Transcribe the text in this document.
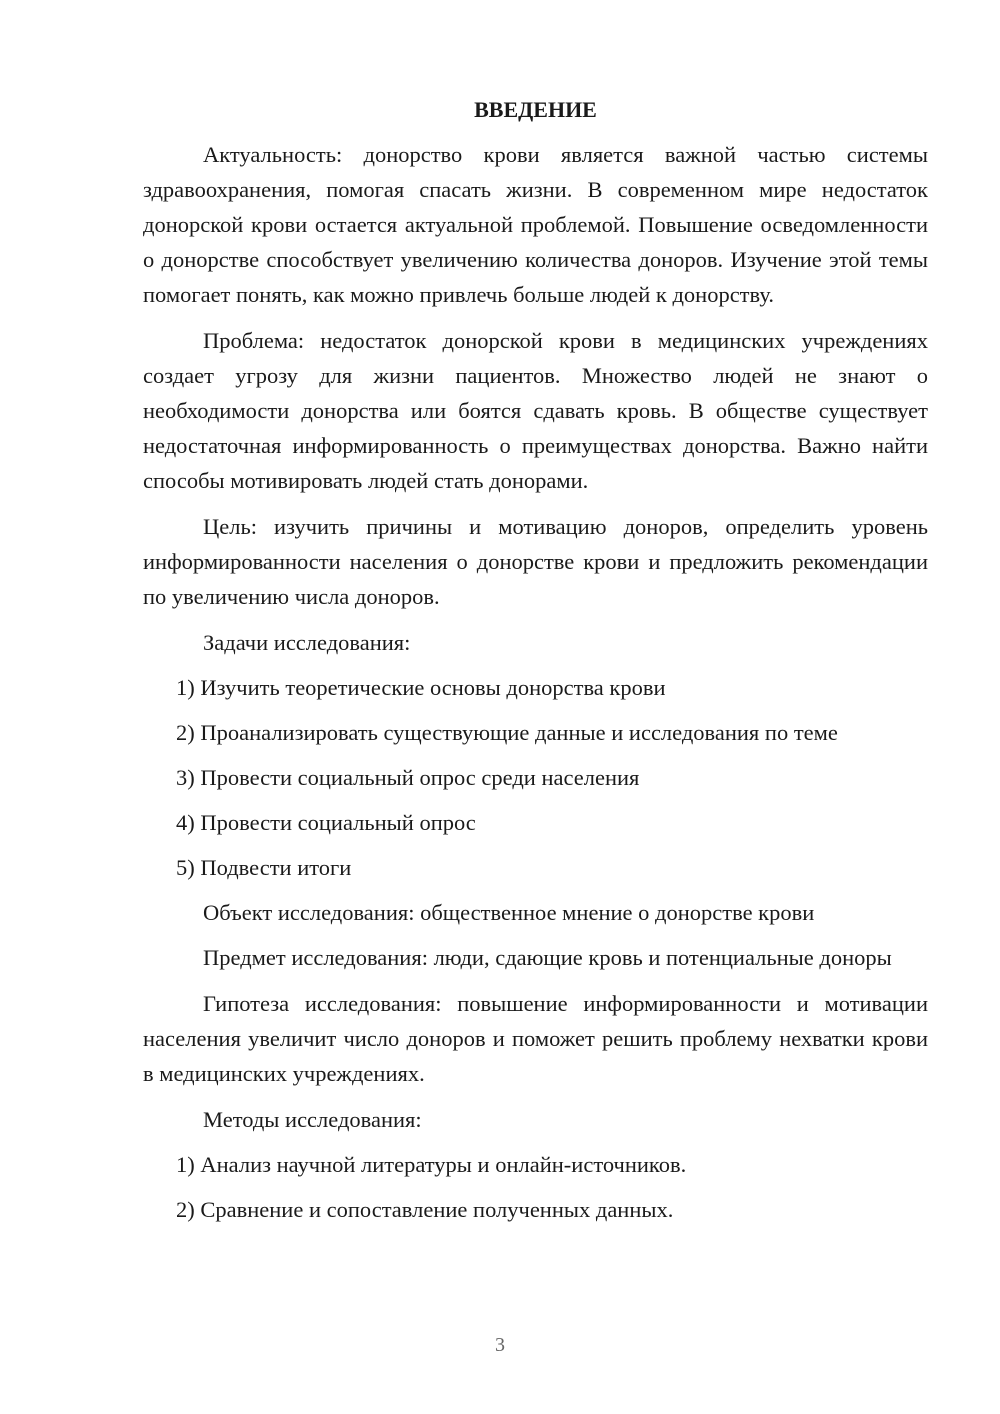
ВВЕДЕНИЕ

Актуальность: донорство крови является важной частью системы здравоохранения, помогая спасать жизни. В современном мире недостаток донорской крови остается актуальной проблемой. Повышение осведомленности о донорстве способствует увеличению количества доноров. Изучение этой темы помогает понять, как можно привлечь больше людей к донорству.

Проблема: недостаток донорской крови в медицинских учреждениях создает угрозу для жизни пациентов. Множество людей не знают о необходимости донорства или боятся сдавать кровь. В обществе существует недостаточная информированность о преимуществах донорства. Важно найти способы мотивировать людей стать донорами.

Цель: изучить причины и мотивацию доноров, определить уровень информированности населения о донорстве крови и предложить рекомендации по увеличению числа доноров.

Задачи исследования:

1) Изучить теоретические основы донорства крови

2) Проанализировать существующие данные и исследования по теме

3) Провести социальный опрос среди населения

4) Провести социальный опрос

5) Подвести итоги

Объект исследования: общественное мнение о донорстве крови

Предмет исследования: люди, сдающие кровь и потенциальные доноры

Гипотеза исследования: повышение информированности и мотивации населения увеличит число доноров и поможет решить проблему нехватки крови в медицинских учреждениях.

Методы исследования:

1) Анализ научной литературы и онлайн-источников.

2) Сравнение и сопоставление полученных данных.

3
